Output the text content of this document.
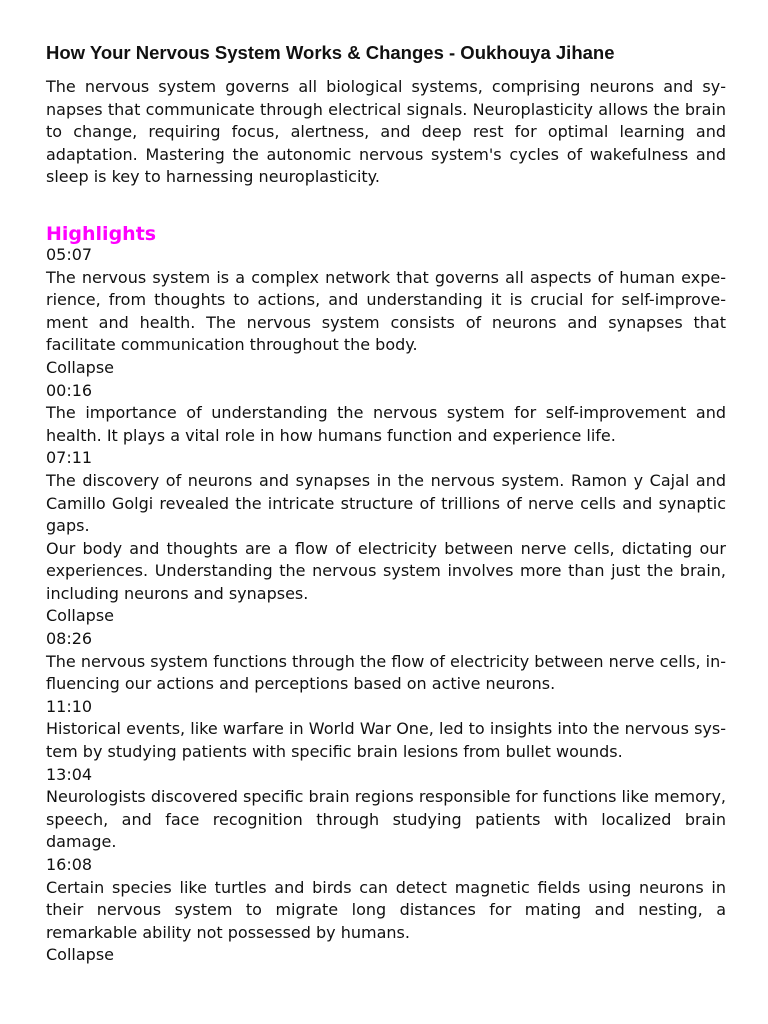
How Your Nervous System Works & Changes - Oukhouya Jihane

The nervous system governs all biological systems, comprising neurons and synapses that communicate through electrical signals. Neuroplasticity allows the brain to change, requiring focus, alertness, and deep rest for optimal learning and adaptation. Mastering the autonomic nervous system's cycles of wakefulness and sleep is key to harnessing neuroplasticity.

Highlights
05:07
The nervous system is a complex network that governs all aspects of human experience, from thoughts to actions, and understanding it is crucial for self-improvement and health. The nervous system consists of neurons and synapses that facilitate communication throughout the body.
Collapse
00:16
The importance of understanding the nervous system for self-improvement and health. It plays a vital role in how humans function and experience life.
07:11
The discovery of neurons and synapses in the nervous system. Ramon y Cajal and Camillo Golgi revealed the intricate structure of trillions of nerve cells and synaptic gaps.
Our body and thoughts are a flow of electricity between nerve cells, dictating our experiences. Understanding the nervous system involves more than just the brain, including neurons and synapses.
Collapse
08:26
The nervous system functions through the flow of electricity between nerve cells, influencing our actions and perceptions based on active neurons.
11:10
Historical events, like warfare in World War One, led to insights into the nervous system by studying patients with specific brain lesions from bullet wounds.
13:04
Neurologists discovered specific brain regions responsible for functions like memory, speech, and face recognition through studying patients with localized brain damage.
16:08
Certain species like turtles and birds can detect magnetic fields using neurons in their nervous system to migrate long distances for mating and nesting, a remarkable ability not possessed by humans.
Collapse
